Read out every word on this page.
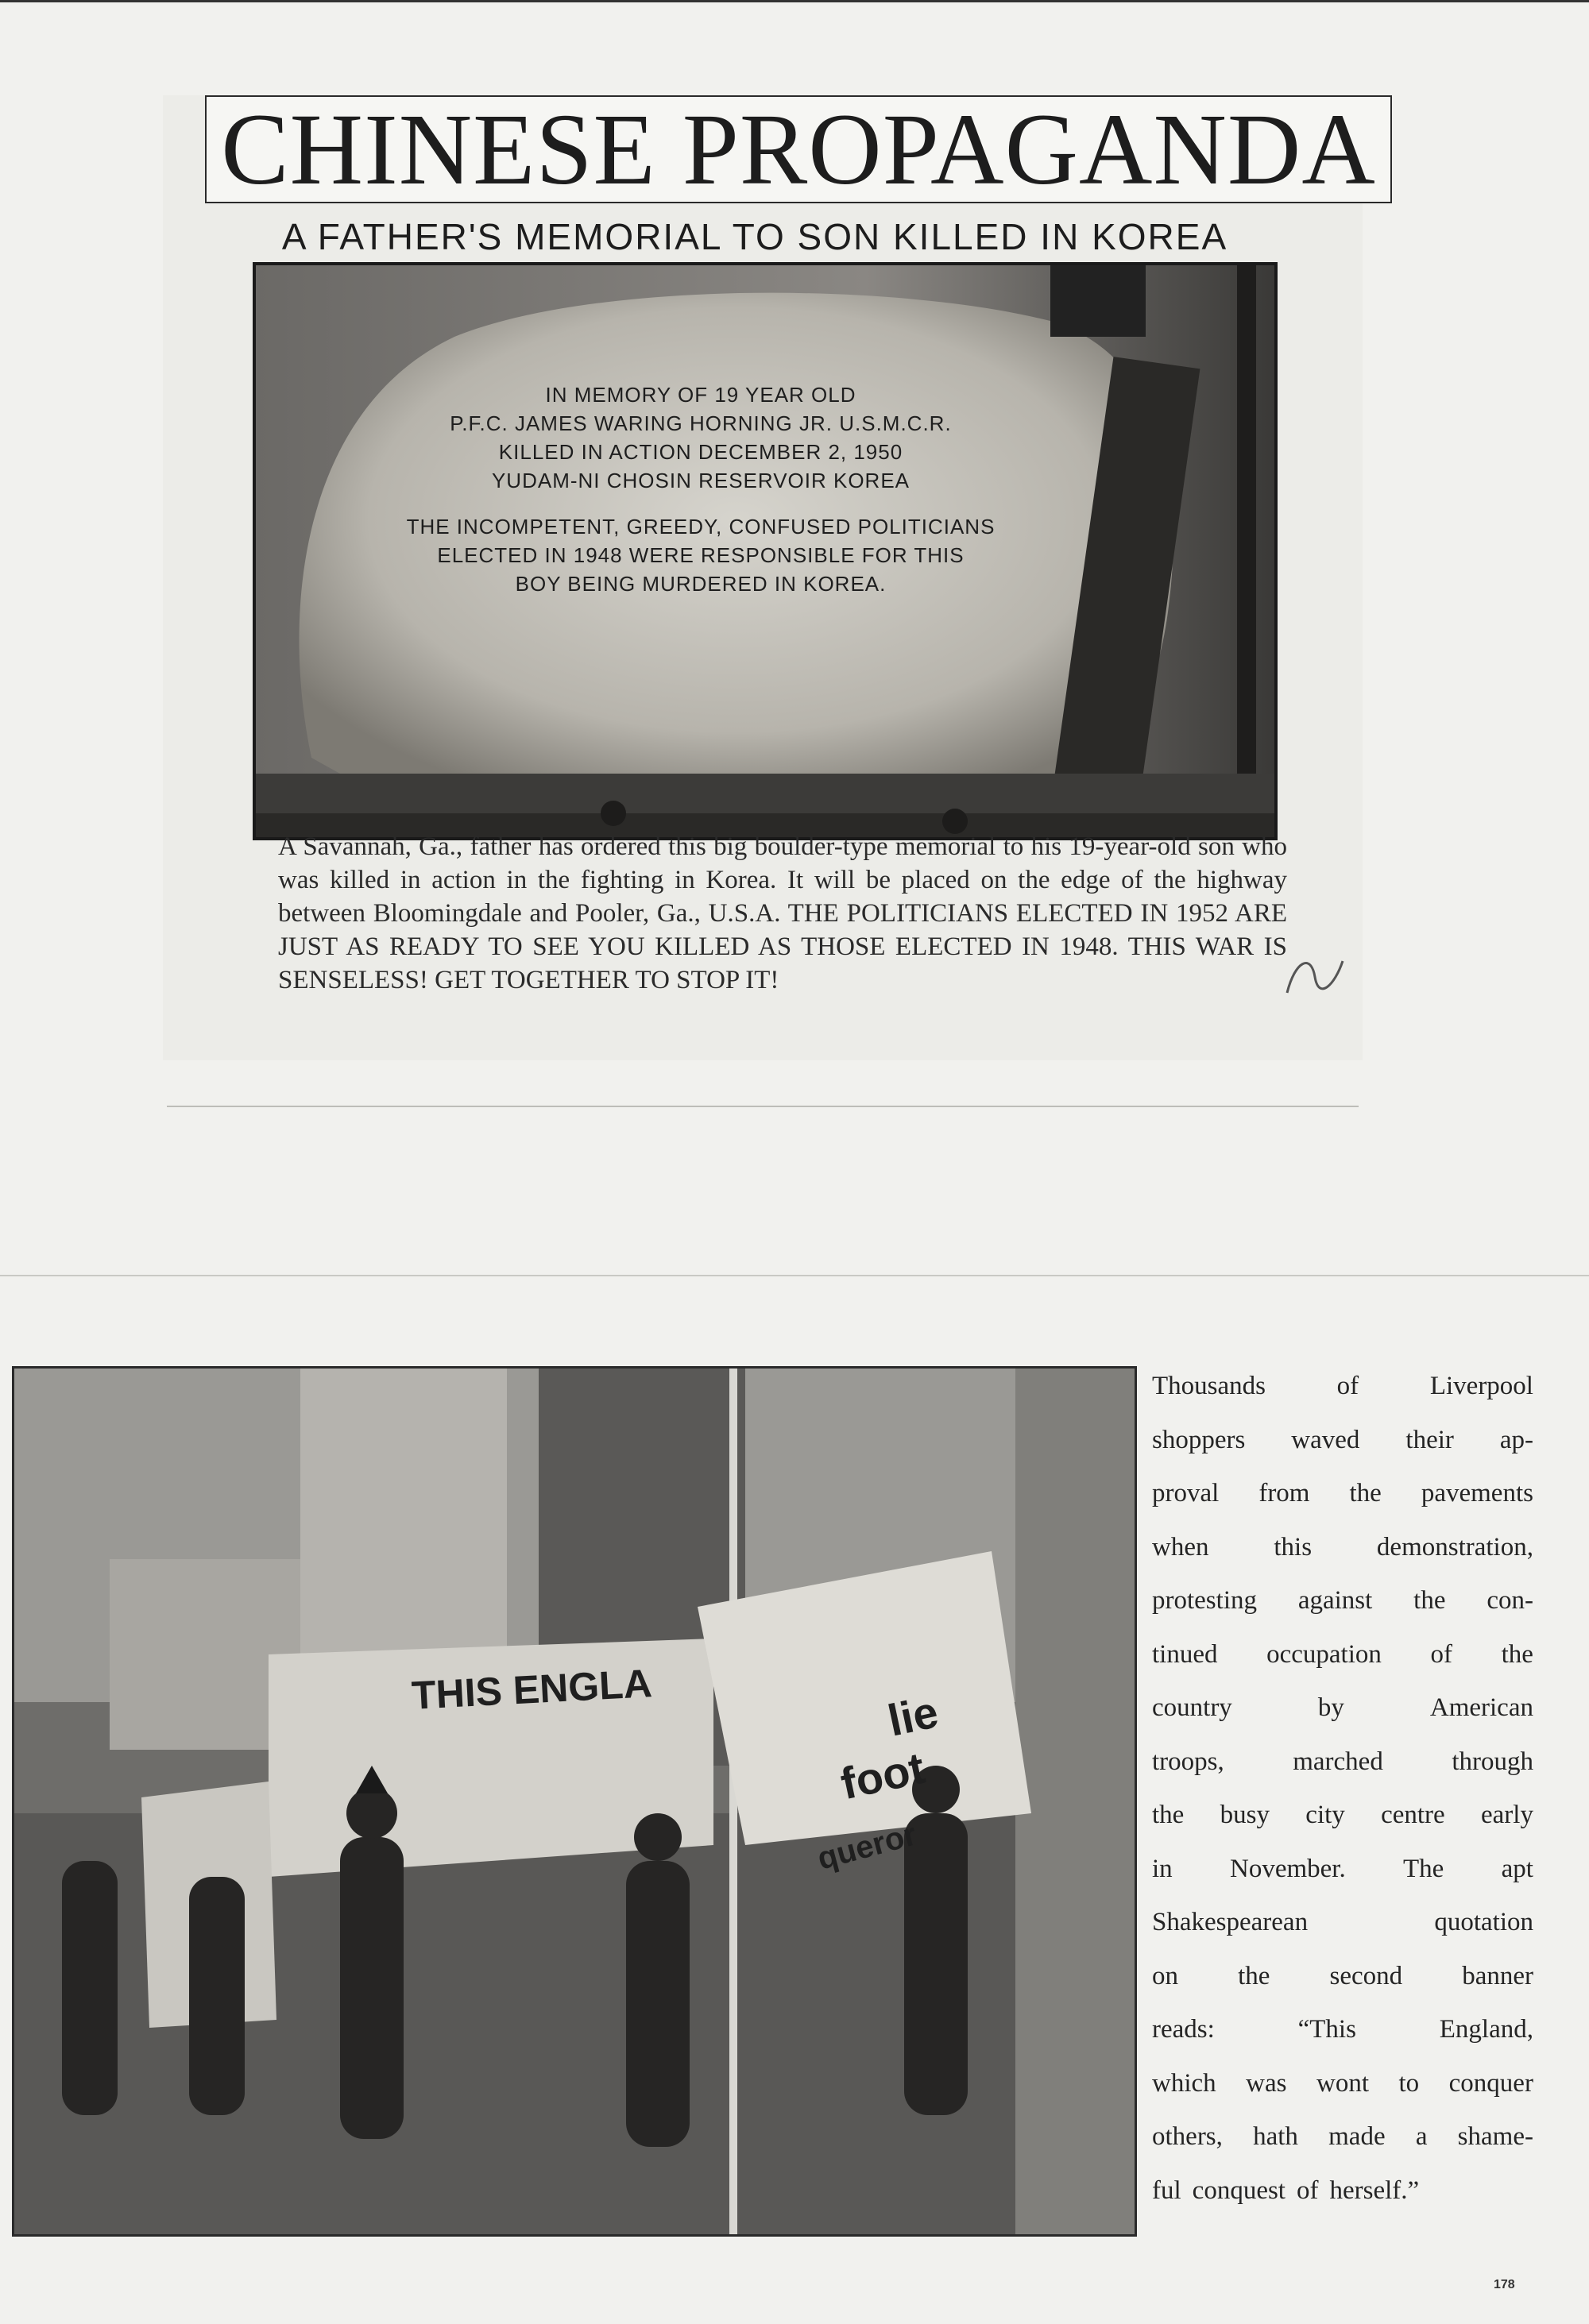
CHINESE PROPAGANDA
A FATHER'S MEMORIAL TO SON KILLED IN KOREA
IN MEMORY OF 19 YEAR OLD
P.F.C. JAMES WARING HORNING JR. U.S.M.C.R.
KILLED IN ACTION DECEMBER 2, 1950
YUDAM-NI CHOSIN RESERVOIR KOREA
THE INCOMPETENT, GREEDY, CONFUSED POLITICIANS
ELECTED IN 1948 WERE RESPONSIBLE FOR THIS
BOY BEING MURDERED IN KOREA.

A Savannah, Ga., father has ordered this big boulder-type memorial to his 19-year-old son who was killed in action in the fighting in Korea. It will be placed on the edge of the highway between Bloomingdale and Pooler, Ga., U.S.A. THE POLITICIANS ELECTED IN 1952 ARE JUST AS READY TO SEE YOU KILLED AS THOSE ELECTED IN 1948. THIS WAR IS SENSELESS! GET TOGETHER TO STOP IT!

THIS ENGLA	lie
foot
queror
Thousands	of	Liverpool
shoppers waved their ap-
proval from the pavements
when this demonstration,
protesting against the con-
tinued occupation of the
country	by	American
troops,	marched	through
the busy city centre early
in November. The apt
Shakespearean	quotation
on the second banner
reads:	“This	England,
which was wont to conquer
others, hath made a shame-
ful conquest of herself.”
178
